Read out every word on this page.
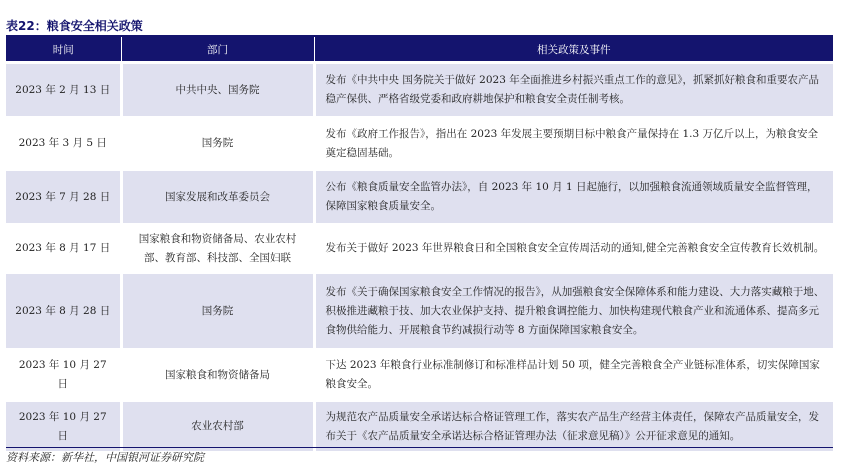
表22：粮食安全相关政策
时间	部门	相关政策及事件
2023 年 2 月 13 日	中共中央、国务院	发布《中共中央 国务院关于做好 2023 年全面推进乡村振兴重点工作的意见》，抓紧抓好粮食和重要农产品稳产保供、严格省级党委和政府耕地保护和粮食安全责任制考核。
2023 年 3 月 5 日	国务院	发布《政府工作报告》，指出在 2023 年发展主要预期目标中粮食产量保持在 1.3 万亿斤以上，为粮食安全奠定稳固基础。
2023 年 7 月 28 日	国家发展和改革委员会	公布《粮食质量安全监管办法》，自 2023 年 10 月 1 日起施行，以加强粮食流通领域质量安全监督管理，保障国家粮食质量安全。
2023 年 8 月 17 日	国家粮食和物资储备局、农业农村部、教育部、科技部、全国妇联	发布关于做好 2023 年世界粮食日和全国粮食安全宣传周活动的通知,健全完善粮食安全宣传教育长效机制。
2023 年 8 月 28 日	国务院	发布《关于确保国家粮食安全工作情况的报告》，从加强粮食安全保障体系和能力建设、大力落实藏粮于地、积极推进藏粮于技、加大农业保护支持、提升粮食调控能力、加快构建现代粮食产业和流通体系、提高多元食物供给能力、开展粮食节约减损行动等 8 方面保障国家粮食安全。
2023 年 10 月 27 日	国家粮食和物资储备局	下达 2023 年粮食行业标准制修订和标准样品计划 50 项，健全完善粮食全产业链标准体系，切实保障国家粮食安全。
2023 年 10 月 27 日	农业农村部	为规范农产品质量安全承诺达标合格证管理工作，落实农产品生产经营主体责任，保障农产品质量安全，发布关于《农产品质量安全承诺达标合格证管理办法（征求意见稿）》公开征求意见的通知。
资料来源：新华社，中国银河证券研究院
